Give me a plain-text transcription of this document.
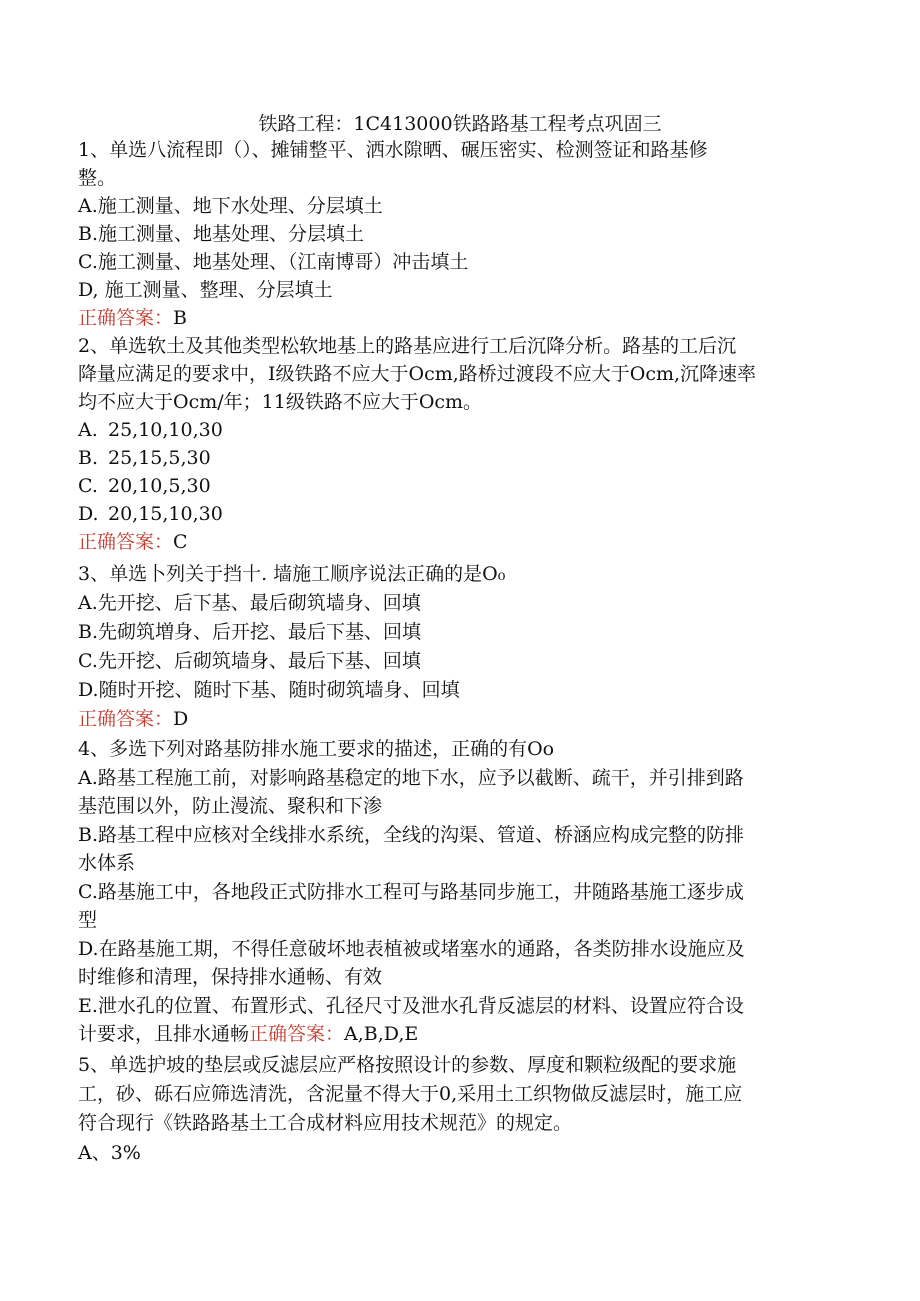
铁路工程：1C413000铁路路基工程考点巩固三
1、单选八流程即（）、摊铺整平、洒水隙晒、碾压密实、检测签证和路基修
整。
A.施工测量、地下水处理、分层填土
B.施工测量、地基处理、分层填土
C.施工测量、地基处理、（江南博哥）冲击填土
D, 施工测量、整理、分层填土
正确答案：B
2、单选软土及其他类型松软地基上的路基应进行工后沉降分析。路基的工后沉
降量应满足的要求中，I级铁路不应大于Ocm,路桥过渡段不应大于Ocm,沉降速率
均不应大于Ocm/年；11级铁路不应大于Ocm。
A. 25,10,10,30
B. 25,15,5,30
C. 20,10,5,30
D. 20,15,10,30
正确答案：C
3、单选卜列关于挡十. 墙施工顺序说法正确的是O₀
A.先开挖、后下基、最后砌筑墙身、回填
B.先砌筑増身、后开挖、最后下基、回填
C.先开挖、后砌筑墙身、最后下基、回填
D.随时开挖、随时下基、随时砌筑墙身、回填
正确答案：D
4、多选下列对路基防排水施工要求的描述，正确的有Oo
A.路基工程施工前，对影响路基稳定的地下水，应予以截断、疏干，并引排到路
基范围以外，防止漫流、聚积和下渗
B.路基工程中应核对全线排水系统，全线的沟渠、管道、桥涵应构成完整的防排
水体系
C.路基施工中，各地段正式防排水工程可与路基同步施工，井随路基施工逐步成
型
D.在路基施工期，不得任意破坏地表植被或堵塞水的通路，各类防排水设施应及
时维修和清理，保持排水通畅、有效
E.泄水孔的位置、布置形式、孔径尺寸及泄水孔背反滤层的材料、设置应符合设
计要求，且排水通畅正确答案：A,B,D,E
5、单选护坡的垫层或反滤层应严格按照设计的参数、厚度和颗粒级配的要求施
工，砂、砾石应筛选清洗，含泥量不得大于0,采用土工织物做反滤层时，施工应
符合现行《铁路路基土工合成材料应用技术规范》的规定。
A、3%
